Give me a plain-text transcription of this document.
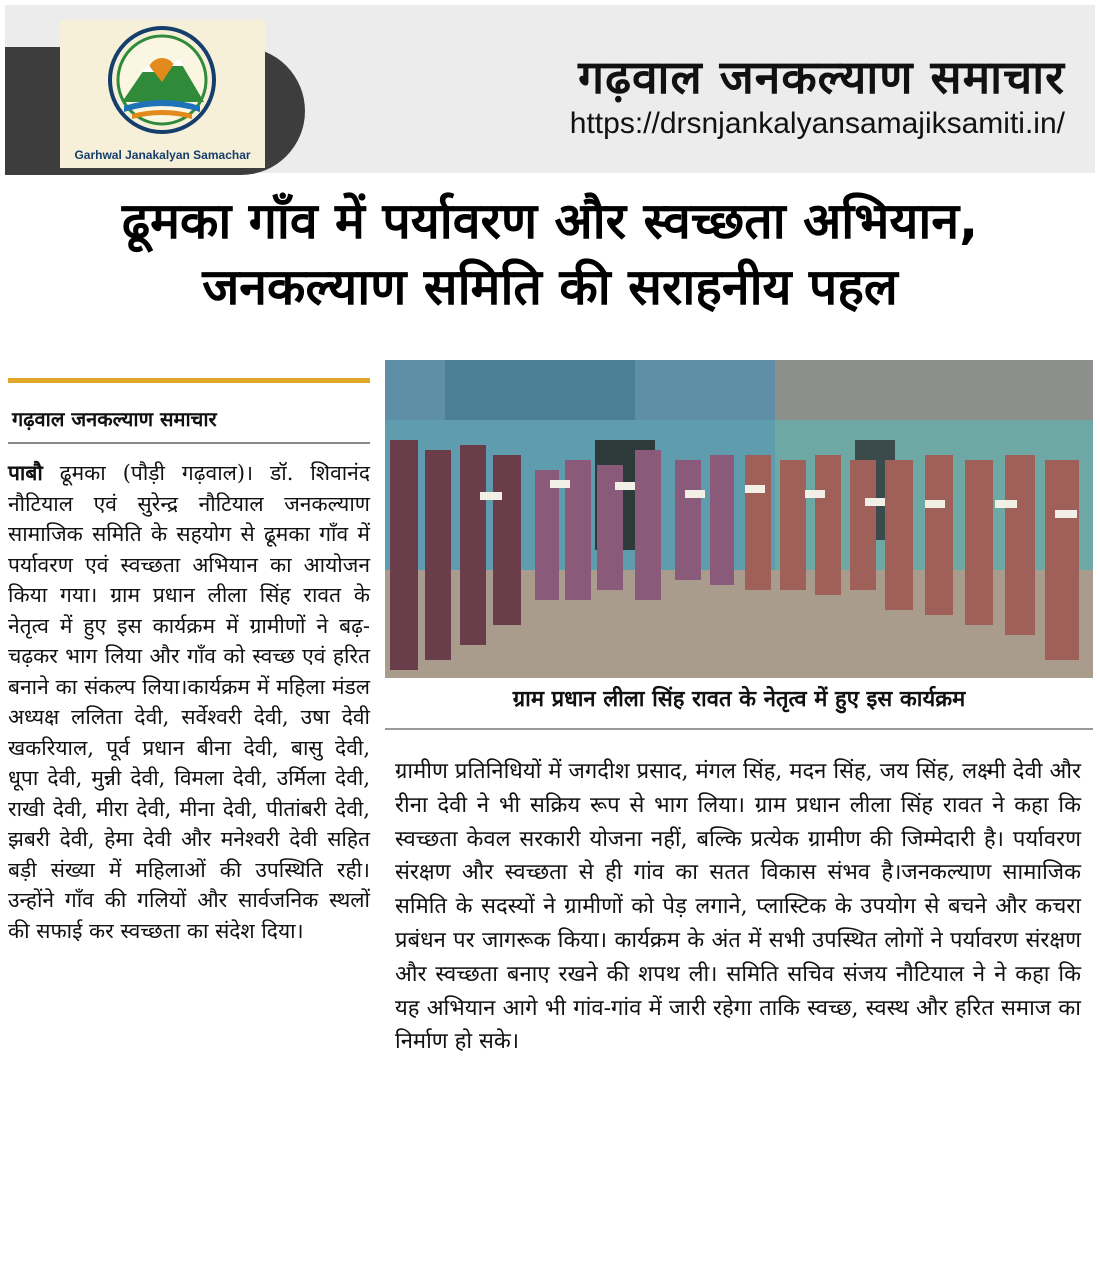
Garhwal Janakalyan Samachar
गढ़वाल जनकल्याण समाचार
https://drsnjankalyansamajiksamiti.in/
ढूमका गाँव में पर्यावरण और स्वच्छता अभियान,
जनकल्याण समिति की सराहनीय पहल
गढ़वाल जनकल्याण समाचार
पाबौ ढूमका (पौड़ी गढ़वाल)। डॉ. शिवानंद नौटियाल एवं सुरेन्द्र नौटियाल जनकल्याण सामाजिक समिति के सहयोग से ढूमका गाँव में पर्यावरण एवं स्वच्छता अभियान का आयोजन किया गया। ग्राम प्रधान लीला सिंह रावत के नेतृत्व में हुए इस कार्यक्रम में ग्रामीणों ने बढ़-चढ़कर भाग लिया और गाँव को स्वच्छ एवं हरित बनाने का संकल्प लिया।कार्यक्रम में महिला मंडल अध्यक्ष ललिता देवी, सर्वेश्वरी देवी, उषा देवी खकरियाल, पूर्व प्रधान बीना देवी, बासु देवी, धूपा देवी, मुन्नी देवी, विमला देवी, उर्मिला देवी, राखी देवी, मीरा देवी, मीना देवी, पीतांबरी देवी, झबरी देवी, हेमा देवी और मनेश्वरी देवी सहित बड़ी संख्या में महिलाओं की उपस्थिति रही। उन्होंने गाँव की गलियों और सार्वजनिक स्थलों की सफाई कर स्वच्छता का संदेश दिया।
ग्राम प्रधान लीला सिंह रावत के नेतृत्व में हुए इस कार्यक्रम
ग्रामीण प्रतिनिधियों में जगदीश प्रसाद, मंगल सिंह, मदन सिंह, जय सिंह, लक्ष्मी देवी और रीना देवी ने भी सक्रिय रूप से भाग लिया। ग्राम प्रधान लीला सिंह रावत ने कहा कि स्वच्छता केवल सरकारी योजना नहीं, बल्कि प्रत्येक ग्रामीण की जिम्मेदारी है। पर्यावरण संरक्षण और स्वच्छता से ही गांव का सतत विकास संभव है।जनकल्याण सामाजिक समिति के सदस्यों ने ग्रामीणों को पेड़ लगाने, प्लास्टिक के उपयोग से बचने और कचरा प्रबंधन पर जागरूक किया। कार्यक्रम के अंत में सभी उपस्थित लोगों ने पर्यावरण संरक्षण और स्वच्छता बनाए रखने की शपथ ली। समिति सचिव संजय नौटियाल ने ने कहा कि यह अभियान आगे भी गांव-गांव में जारी रहेगा ताकि स्वच्छ, स्वस्थ और हरित समाज का निर्माण हो सके।
